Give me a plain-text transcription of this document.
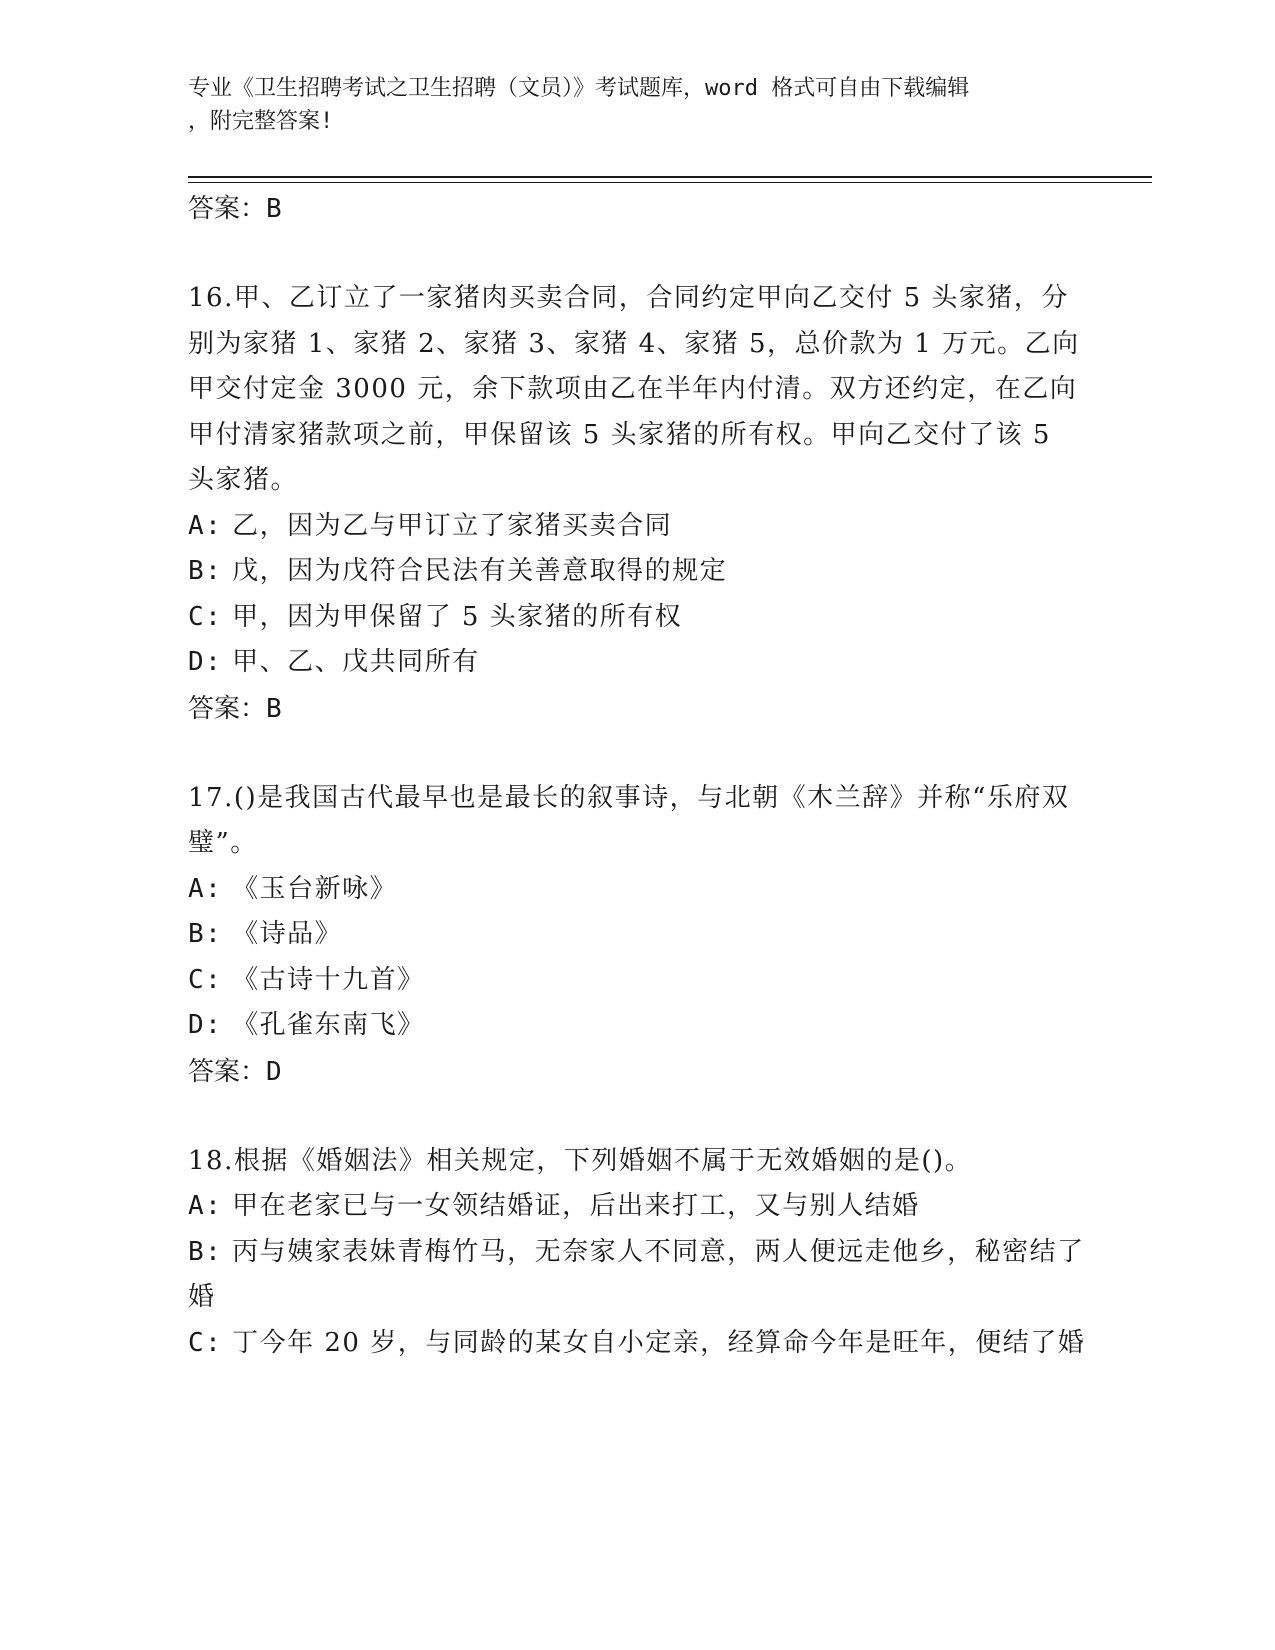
专业《卫生招聘考试之卫生招聘（文员）》考试题库，word 格式可自由下载编辑
，附完整答案!

答案：B

16.甲、乙订立了一家猪肉买卖合同，合同约定甲向乙交付 5 头家猪，分别为家猪 1、家猪 2、家猪 3、家猪 4、家猪 5，总价款为 1 万元。乙向甲交付定金 3000 元，余下款项由乙在半年内付清。双方还约定，在乙向甲付清家猪款项之前，甲保留该 5 头家猪的所有权。甲向乙交付了该 5 头家猪。

A: 乙，因为乙与甲订立了家猪买卖合同

B: 戊，因为戊符合民法有关善意取得的规定

C: 甲，因为甲保留了 5 头家猪的所有权

D: 甲、乙、戊共同所有

答案：B

17.()是我国古代最早也是最长的叙事诗，与北朝《木兰辞》并称“乐府双璧”。

A: 《玉台新咏》

B: 《诗品》

C: 《古诗十九首》

D: 《孔雀东南飞》

答案：D

18.根据《婚姻法》相关规定，下列婚姻不属于无效婚姻的是()。

A: 甲在老家已与一女领结婚证，后出来打工，又与别人结婚

B: 丙与姨家表妹青梅竹马，无奈家人不同意，两人便远走他乡，秘密结了婚

C: 丁今年 20 岁，与同龄的某女自小定亲，经算命今年是旺年，便结了婚
